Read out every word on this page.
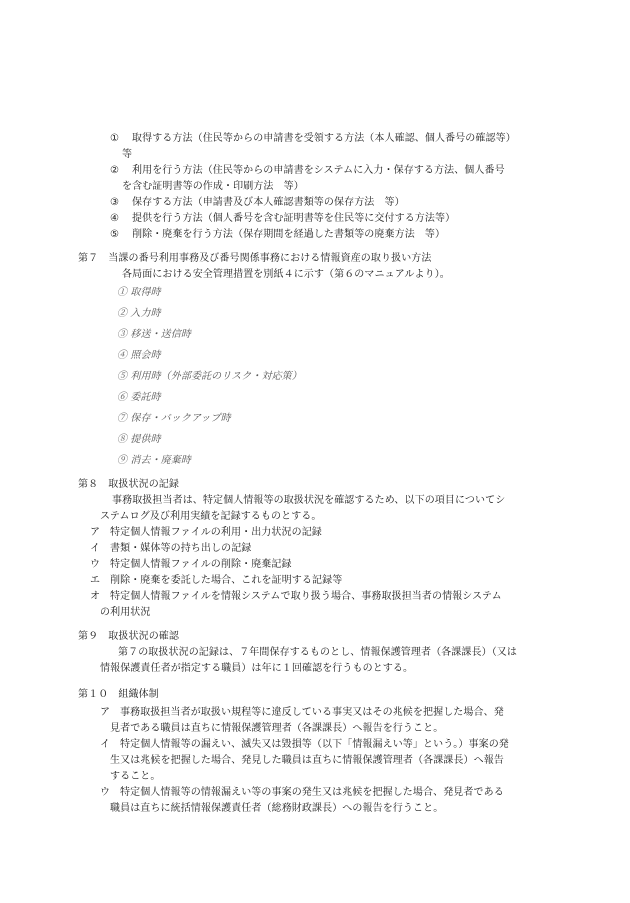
① 取得する方法（住民等からの申請書を受領する方法（本人確認、個人番号の確認等）
等
② 利用を行う方法（住民等からの申請書をシステムに入力・保存する方法、個人番号
を含む証明書等の作成・印刷方法　等）
③ 保存する方法（申請書及び本人確認書類等の保存方法　等）
④ 提供を行う方法（個人番号を含む証明書等を住民等に交付する方法等）
⑤ 削除・廃棄を行う方法（保存期間を経過した書類等の廃棄方法　等）
第７　当課の番号利用事務及び番号関係事務における情報資産の取り扱い方法
各局面における安全管理措置を別紙４に示す（第６のマニュアルより）。
① 取得時
② 入力時
③ 移送・送信時
④ 照会時
⑤ 利用時（外部委託のリスク・対応策）
⑥ 委託時
⑦ 保存・バックアップ時
⑧ 提供時
⑨ 消去・廃棄時
第８　取扱状況の記録
事務取扱担当者は、特定個人情報等の取扱状況を確認するため、以下の項目についてシ
ステムログ及び利用実績を記録するものとする。
ア 特定個人情報ファイルの利用・出力状況の記録
イ 書類・媒体等の持ち出しの記録
ウ 特定個人情報ファイルの削除・廃棄記録
エ 削除・廃棄を委託した場合、これを証明する記録等
オ 特定個人情報ファイルを情報システムで取り扱う場合、事務取扱担当者の情報システム
の利用状況
第９　取扱状況の確認
第７の取扱状況の記録は、７年間保存するものとし、情報保護管理者（各課課長）（又は
情報保護責任者が指定する職員）は年に１回確認を行うものとする。
第１０　組織体制
ア 事務取扱担当者が取扱い規程等に違反している事実又はその兆候を把握した場合、発
見者である職員は直ちに情報保護管理者（各課課長）へ報告を行うこと。
イ 特定個人情報等の漏えい、滅失又は毀損等（以下「情報漏えい等」という。）事案の発
生又は兆候を把握した場合、発見した職員は直ちに情報保護管理者（各課課長）へ報告
すること。
ウ 特定個人情報等の情報漏えい等の事案の発生又は兆候を把握した場合、発見者である
職員は直ちに統括情報保護責任者（総務財政課長）への報告を行うこと。
